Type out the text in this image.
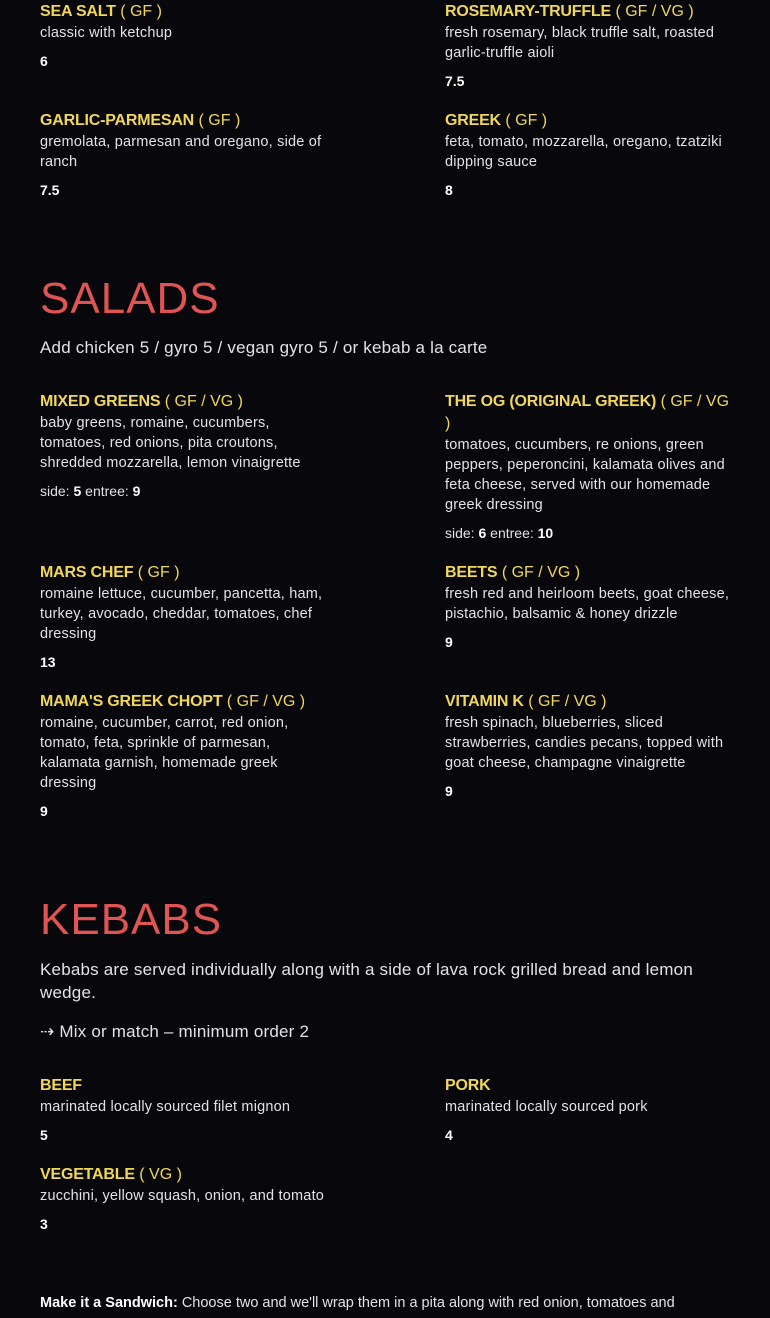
SEA SALT ( GF )

classic with ketchup

6

ROSEMARY-TRUFFLE ( GF / VG )

fresh rosemary, black truffle salt, roasted garlic-truffle aioli

7.5

GARLIC-PARMESAN ( GF )

gremolata, parmesan and oregano, side of ranch

7.5

GREEK ( GF )

feta, tomato, mozzarella, oregano, tzatziki dipping sauce

8
SALADS

Add chicken 5 / gyro 5 / vegan gyro 5 / or kebab a la carte

MIXED GREENS ( GF / VG )

baby greens, romaine, cucumbers, tomatoes, red onions, pita croutons, shredded mozzarella, lemon vinaigrette

side: 5 entree: 9

THE OG (ORIGINAL GREEK) ( GF / VG )

tomatoes, cucumbers, re onions, green peppers, peperoncini, kalamata olives and feta cheese, served with our homemade greek dressing

side: 6 entree: 10

MARS CHEF ( GF )

romaine lettuce, cucumber, pancetta, ham, turkey, avocado, cheddar, tomatoes, chef dressing

13

BEETS ( GF / VG )

fresh red and heirloom beets, goat cheese, pistachio, balsamic & honey drizzle

9

MAMA'S GREEK CHOPT ( GF / VG )

romaine, cucumber, carrot, red onion, tomato, feta, sprinkle of parmesan, kalamata garnish, homemade greek dressing

9

VITAMIN K ( GF / VG )

fresh spinach, blueberries, sliced strawberries, candies pecans, topped with goat cheese, champagne vinaigrette

9
KEBABS

Kebabs are served individually along with a side of lava rock grilled bread and lemon wedge.

⇢ Mix or match – minimum order 2

BEEF

marinated locally sourced filet mignon

5

PORK

marinated locally sourced pork

4

VEGETABLE ( VG )

zucchini, yellow squash, onion, and tomato

3
Make it a Sandwich: Choose two and we'll wrap them in a pita along with red onion, tomatoes and
